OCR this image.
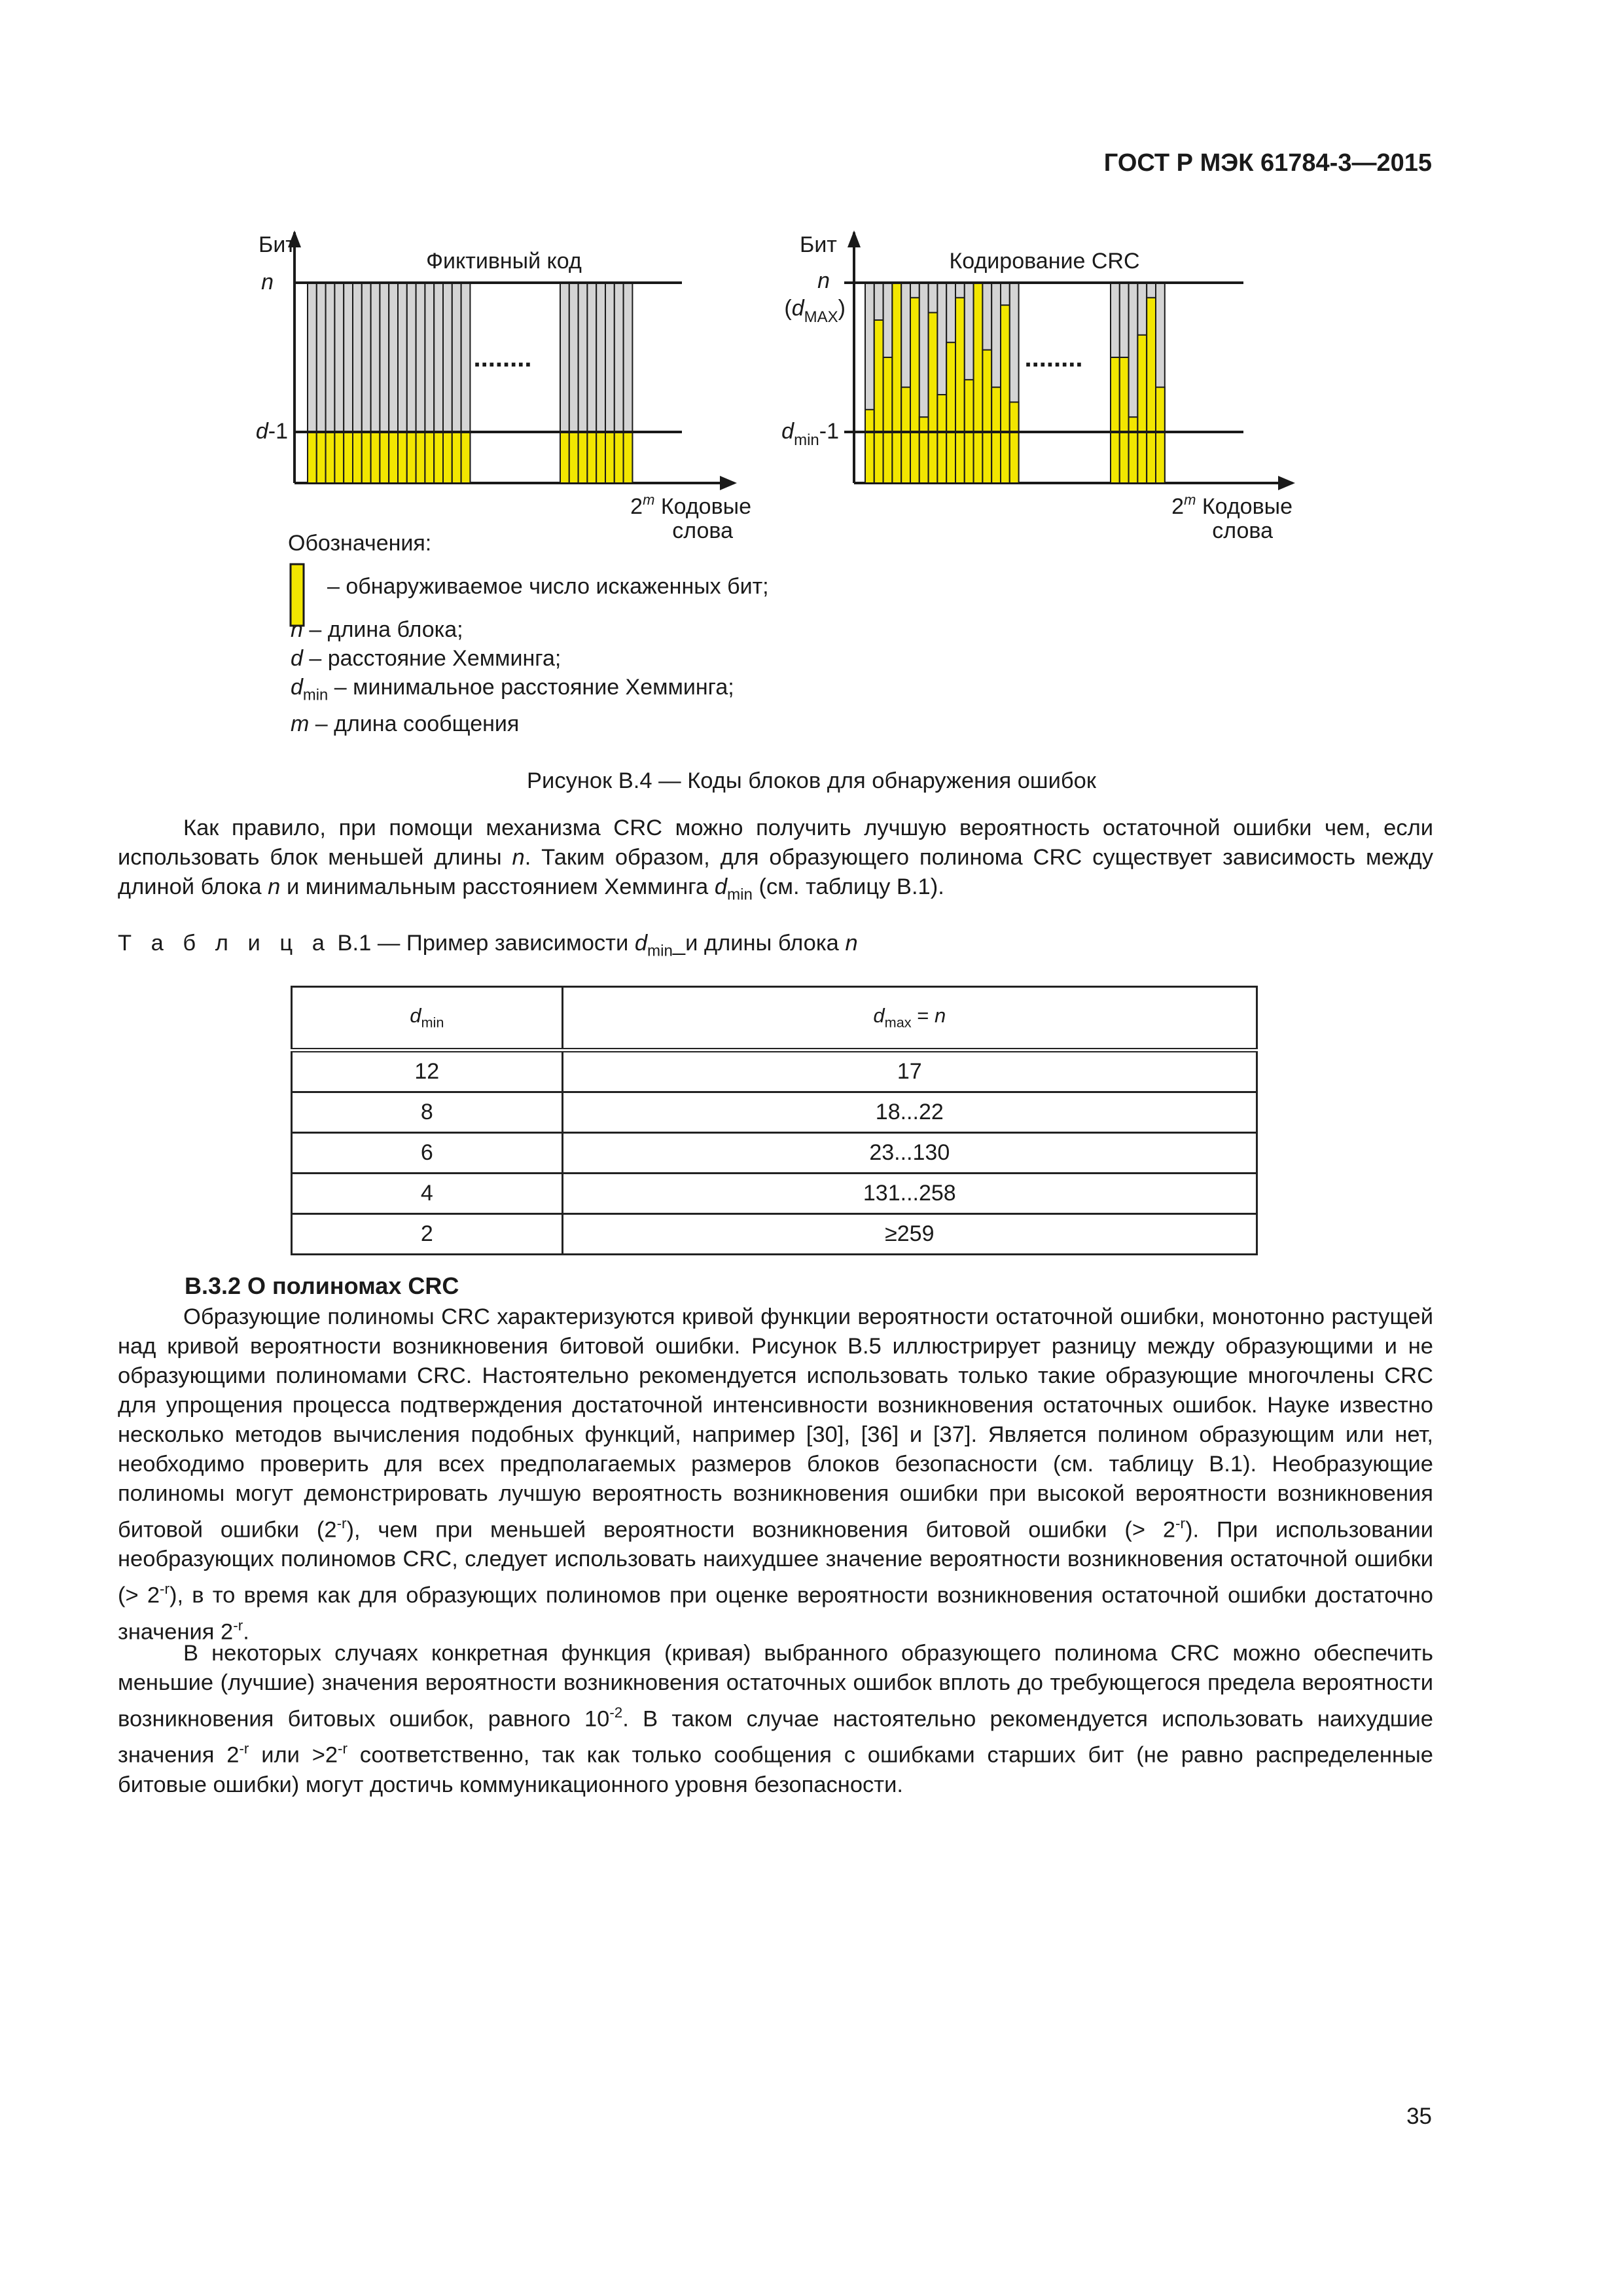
ГОСТ Р МЭК 61784-3—2015
Бит
n
d-1
Фиктивный код
........
2$^m$ Кодовые
слова
Бит
n
$(d_{MAX})$
$d_{min}-1$
Кодирование CRC
........
2$^m$ Кодовые
слова
Обозначения:
– обнаруживаемое число искаженных бит;
n – длина блока;
d – расстояние Хемминга;
$d_{min}$ – минимальное расстояние Хемминга;
m – длина сообщения
Рисунок В.4 — Коды блоков для обнаружения ошибок
Как правило, при помощи механизма CRC можно получить лучшую вероятность остаточной ошибки чем, если использовать блок меньшей длины n. Таким образом, для образующего полинома CRC существует зависимость между длиной блока n и минимальным расстоянием Хемминга $d_{min}$ (см. таблицу В.1).
Т а б л и ц а В.1 — Пример зависимости $d_{min}\_и$ длины блока n
$d_{min}$	$d_{max} = n$
12	17
8	18...22
6	23...130
4	131...258
2	≥259
В.3.2 О полиномах CRC
Образующие полиномы CRC характеризуются кривой функции вероятности остаточной ошибки, монотонно растущей над кривой вероятности возникновения битовой ошибки. Рисунок В.5 иллюстрирует разницу между образующими и не образующими полиномами CRC. Настоятельно рекомендуется использовать только такие образующие многочлены CRC для упрощения процесса подтверждения достаточной интенсивности возникновения остаточных ошибок. Науке известно несколько методов вычисления подобных функций, например [30], [36] и [37]. Является полином образующим или нет, необходимо проверить для всех предполагаемых размеров блоков безопасности (см. таблицу В.1). Необразующие полиномы могут демонстрировать лучшую вероятность возникновения ошибки при высокой вероятности возникновения битовой ошибки $(2^{-r})$, чем при меньшей вероятности возникновения битовой ошибки (> $2^{-r}$). При использовании необразующих полиномов CRC, следует использовать наихудшее значение вероятности возникновения остаточной ошибки (> $2^{-r}$), в то время как для образующих полиномов при оценке вероятности возникновения остаточной ошибки достаточно значения $2^{-r}$.
В некоторых случаях конкретная функция (кривая) выбранного образующего полинома CRC можно обеспечить меньшие (лучшие) значения вероятности возникновения остаточных ошибок вплоть до требующегося предела вероятности возникновения битовых ошибок, равного $10^{-2}$. В таком случае настоятельно рекомендуется использовать наихудшие значения $2^{-r}$ или $>2^{-r}$ соответственно, так как только сообщения с ошибками старших бит (не равно распределенные битовые ошибки) могут достичь коммуникационного уровня безопасности.
35
